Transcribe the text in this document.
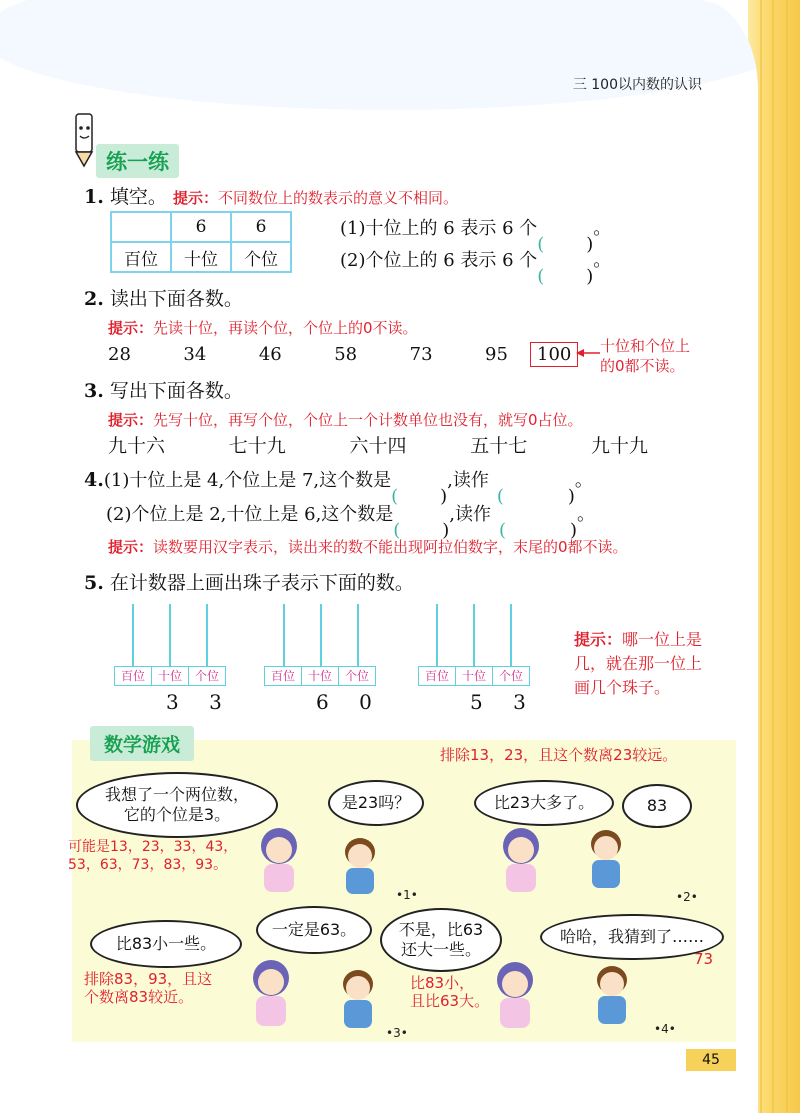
三 100以内数的认识
练一练
1. 填空。 提示：不同数位上的数表示的意义不相同。
	6	6
百位	十位	个位
(1)十位上的 6 表示 6 个	。
(2)个位上的 6 表示 6 个	。
2. 读出下面各数。
提示：先读十位，再读个位，个位上的0不读。
28	34	46	58	73	95	100	十位和个位上
的0都不读。
3. 写出下面各数。
提示：先写十位，再写个位，个位上一个计数单位也没有，就写0占位。
九十六	七十九	六十四	五十七	九十九
4.(1)十位上是 4,个位上是 7,这个数是	,读作	。
(2)个位上是 2,十位上是 6,这个数是	,读作	。
提示：读数要用汉字表示，读出来的数不能出现阿拉伯数字，末尾的0都不读。
5. 在计数器上画出珠子表示下面的数。
百位	十位	个位
3 3
百位	十位	个位
6 0
百位	十位	个位
5 3
提示：哪一位上是
几，就在那一位上
画几个珠子。
数学游戏	排除13，23，且这个数离23较远。
我想了一个两位数，
它的个位是3。
可能是13，23，33，43，
53，63，73，83，93。
是23吗？
•1•
比23大多了。	83
•2•
比83小一些。
排除83，93，且这
个数离83较近。
一定是63。	不是，比63
还大一些。
比83小，
且比63大。
•3•
哈哈，我猜到了……
73
•4•
45
